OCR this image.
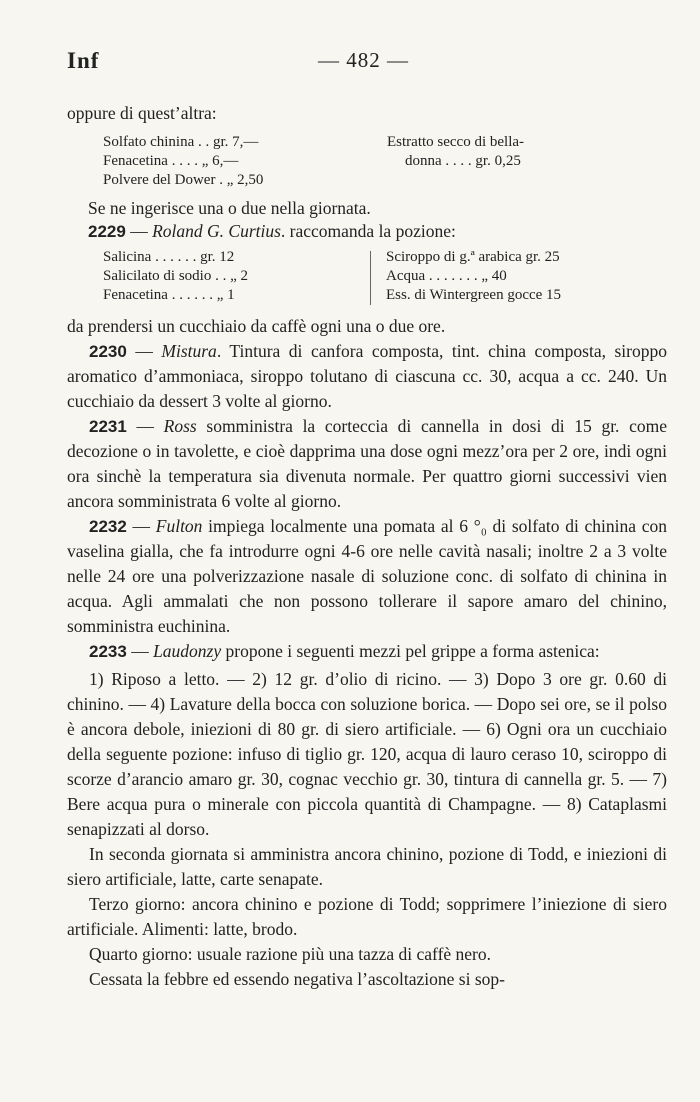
Inf	— 482 —
oppure di quest’altra:
Solfato chinina . . gr. 7,—
Fenacetina . . . . „ 6,—
Polvere del Dower . „ 2,50
Estratto secco di bella-
donna . . . . gr. 0,25
Se ne ingerisce una o due nella giornata.
2229 — Roland G. Curtius. raccomanda la pozione:
Salicina . . . . . . gr. 12
Salicilato di sodio . . „ 2
Fenacetina . . . . . . „ 1
Sciroppo di g.ª arabica gr. 25
Acqua . . . . . . . „ 40
Ess. di Wintergreen gocce 15
da prendersi un cucchiaio da caffè ogni una o due ore.

2230 — Mistura. Tintura di canfora composta, tint. china composta, siroppo aromatico d’ammoniaca, siroppo tolutano di ciascuna cc. 30, acqua a cc. 240. Un cucchiaio da dessert 3 volte al giorno.

2231 — Ross somministra la corteccia di cannella in dosi di 15 gr. come decozione o in tavolette, e cioè dapprima una dose ogni mezz’ora per 2 ore, indi ogni ora sinchè la temperatura sia divenuta normale. Per quattro giorni successivi vien ancora somministrata 6 volte al giorno.

2232 — Fulton impiega localmente una pomata al 6 °₀ di solfato di chinina con vaselina gialla, che fa introdurre ogni 4-6 ore nelle cavità nasali; inoltre 2 a 3 volte nelle 24 ore una polverizzazione nasale di soluzione conc. di solfato di chinina in acqua. Agli ammalati che non possono tollerare il sapore amaro del chinino, somministra euchinina.

2233 — Laudonzy propone i seguenti mezzi pel grippe a forma astenica:

1) Riposo a letto. — 2) 12 gr. d’olio di ricino. — 3) Dopo 3 ore gr. 0.60 di chinino. — 4) Lavature della bocca con soluzione borica. — Dopo sei ore, se il polso è ancora debole, iniezioni di 80 gr. di siero artificiale. — 6) Ogni ora un cucchiaio della seguente pozione: infuso di tiglio gr. 120, acqua di lauro ceraso 10, sciroppo di scorze d’arancio amaro gr. 30, cognac vecchio gr. 30, tintura di cannella gr. 5. — 7) Bere acqua pura o minerale con piccola quantità di Champagne. — 8) Cataplasmi senapizzati al dorso.

In seconda giornata si amministra ancora chinino, pozione di Todd, e iniezioni di siero artificiale, latte, carte senapate.

Terzo giorno: ancora chinino e pozione di Todd; sopprimere l’iniezione di siero artificiale. Alimenti: latte, brodo.

Quarto giorno: usuale razione più una tazza di caffè nero.

Cessata la febbre ed essendo negativa l’ascoltazione si sop-
